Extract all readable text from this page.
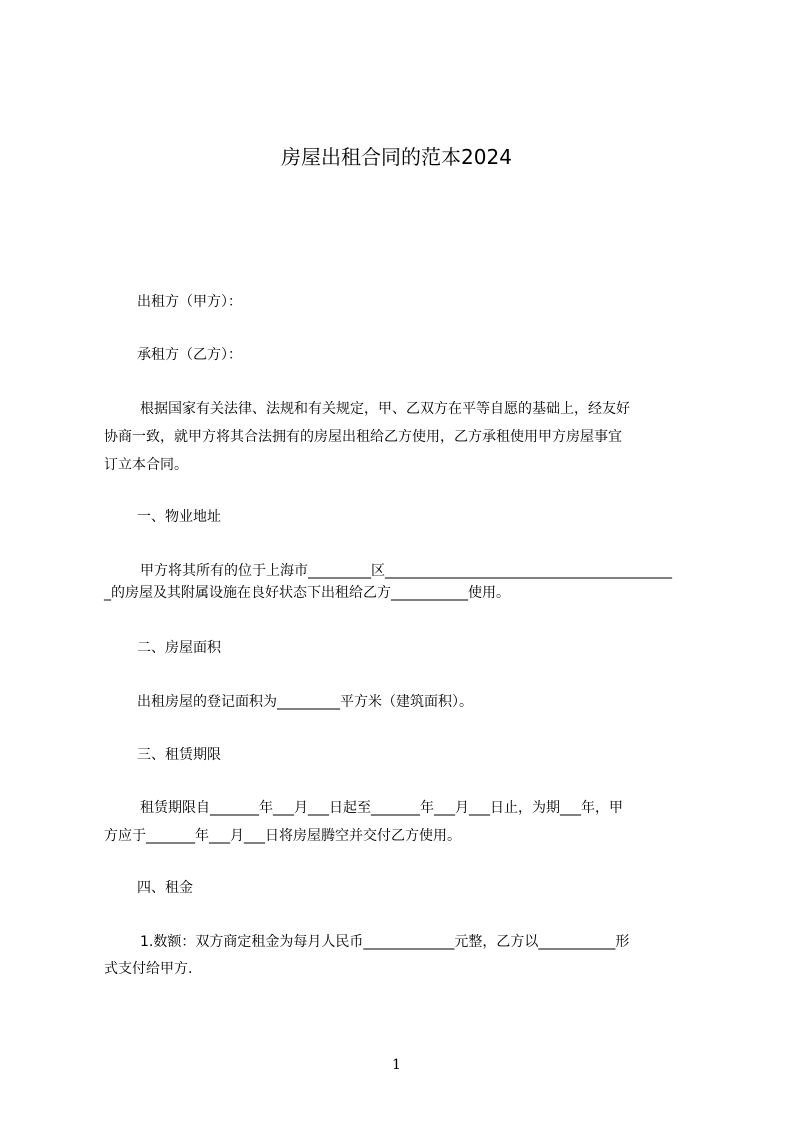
房屋出租合同的范本2024
出租方（甲方）：
承租方（乙方）：
根据国家有关法律、法规和有关规定，甲、乙双方在平等自愿的基础上，经友好
协商一致，就甲方将其合法拥有的房屋出租给乙方使用，乙方承租使用甲方房屋事宜
订立本合同。
一、物业地址
甲方将其所有的位于上海市_________区_________________________________________
_的房屋及其附属设施在良好状态下出租给乙方___________使用。
二、房屋面积
出租房屋的登记面积为_________平方米（建筑面积）。
三、租赁期限
租赁期限自_______年___月___日起至_______年___月___日止，为期___年，甲
方应于_______年___月___日将房屋腾空并交付乙方使用。
四、租金
1.数额：双方商定租金为每月人民币_____________元整，乙方以___________形
式支付给甲方.
1
